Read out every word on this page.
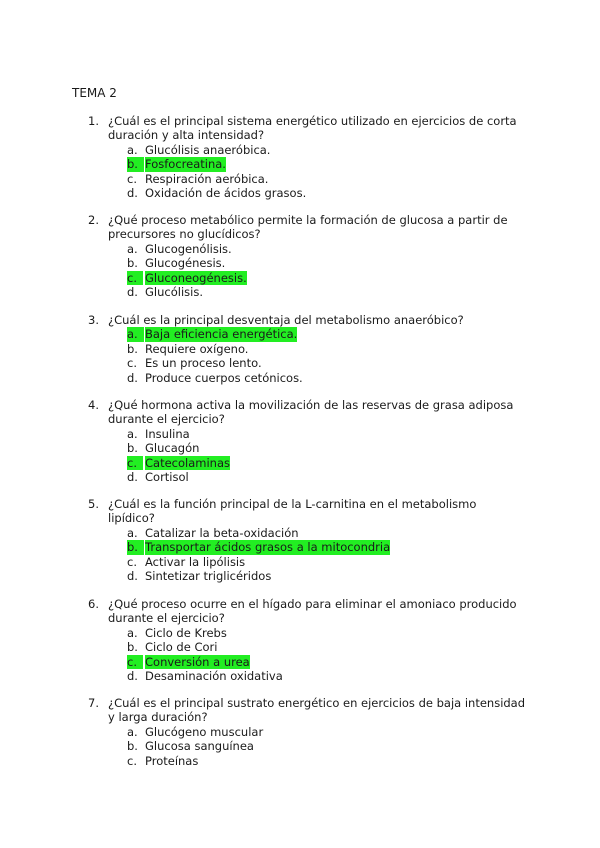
TEMA 2
1. ¿Cuál es el principal sistema energético utilizado en ejercicios de corta duración y alta intensidad?
a. Glucólisis anaeróbica.
b. Fosfocreatina.
c. Respiración aeróbica.
d. Oxidación de ácidos grasos.
2. ¿Qué proceso metabólico permite la formación de glucosa a partir de precursores no glucídicos?
a. Glucogenólisis.
b. Glucogénesis.
c. Gluconeogénesis.
d. Glucólisis.
3. ¿Cuál es la principal desventaja del metabolismo anaeróbico?
a. Baja eficiencia energética.
b. Requiere oxígeno.
c. Es un proceso lento.
d. Produce cuerpos cetónicos.
4. ¿Qué hormona activa la movilización de las reservas de grasa adiposa durante el ejercicio?
a. Insulina
b. Glucagón
c. Catecolaminas
d. Cortisol
5. ¿Cuál es la función principal de la L-carnitina en el metabolismo lipídico?
a. Catalizar la beta-oxidación
b. Transportar ácidos grasos a la mitocondria
c. Activar la lipólisis
d. Sintetizar triglicéridos
6. ¿Qué proceso ocurre en el hígado para eliminar el amoniaco producido durante el ejercicio?
a. Ciclo de Krebs
b. Ciclo de Cori
c. Conversión a urea
d. Desaminación oxidativa
7. ¿Cuál es el principal sustrato energético en ejercicios de baja intensidad y larga duración?
a. Glucógeno muscular
b. Glucosa sanguínea
c. Proteínas
